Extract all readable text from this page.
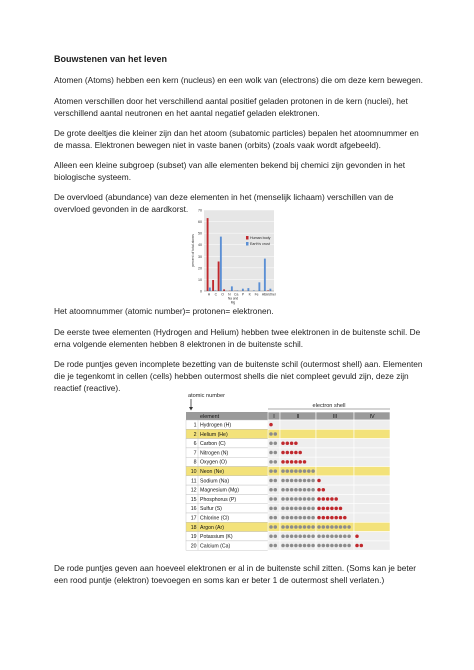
Bouwstenen van het leven
Atomen (Atoms) hebben een kern (nucleus) en een wolk van (electrons) die om deze kern bewegen.
Atomen verschillen door het verschillend aantal positief geladen protonen in de kern (nuclei), het
verschillend aantal neutronen en het aantal negatief geladen elektronen.
De grote deeltjes die kleiner zijn dan het atoom (subatomic particles) bepalen het atoomnummer en
de massa. Elektronen bewegen niet in vaste banen (orbits) (zoals vaak wordt afgebeeld).
Alleen een kleine subgroep (subset) van alle elementen bekend bij chemici zijn gevonden in het
biologische systeem.
De overvloed (abundance) van deze elementen in het (menselijk lichaam) verschillen van de
overvloed gevonden in de aardkorst.
0
10
20
30
40
50
60
70
percent of total atoms
H C O N Ca P K Fe Al Si/other
Na and
Mg
Human body
Earth's crust
Het atoomnummer (atomic number)= protonen= elektronen.
De eerste twee elementen (Hydrogen and Helium) hebben twee elektronen in de buitenste schil. De
erna volgende elementen hebben 8 elektronen in de buitenste schil.
De rode puntjes geven incomplete bezetting van de buitenste schil (outermost shell) aan. Elementen
die je tegenkomt in cellen (cells) hebben outermost shells die niet compleet gevuld zijn, deze zijn
reactief (reactive).
atomic number
electron shell
element	I	II	III	IV
1 Hydrogen (H)
2 Helium (He)
6 Carbon (C)
7 Nitrogen (N)
8 Oxygen (O)
10 Neon (Ne)
11 Sodium (Na)
12 Magnesium (Mg)
15 Phosphorus (P)
16 Sulfur (S)
17 Chlorine (Cl)
18 Argon (Ar)
19 Potassium (K)
20 Calcium (Ca)
De rode puntjes geven aan hoeveel elektronen er al in de buitenste schil zitten. (Soms kan je beter
een rood puntje (elektron) toevoegen en soms kan er beter 1 de outermost shell verlaten.)
